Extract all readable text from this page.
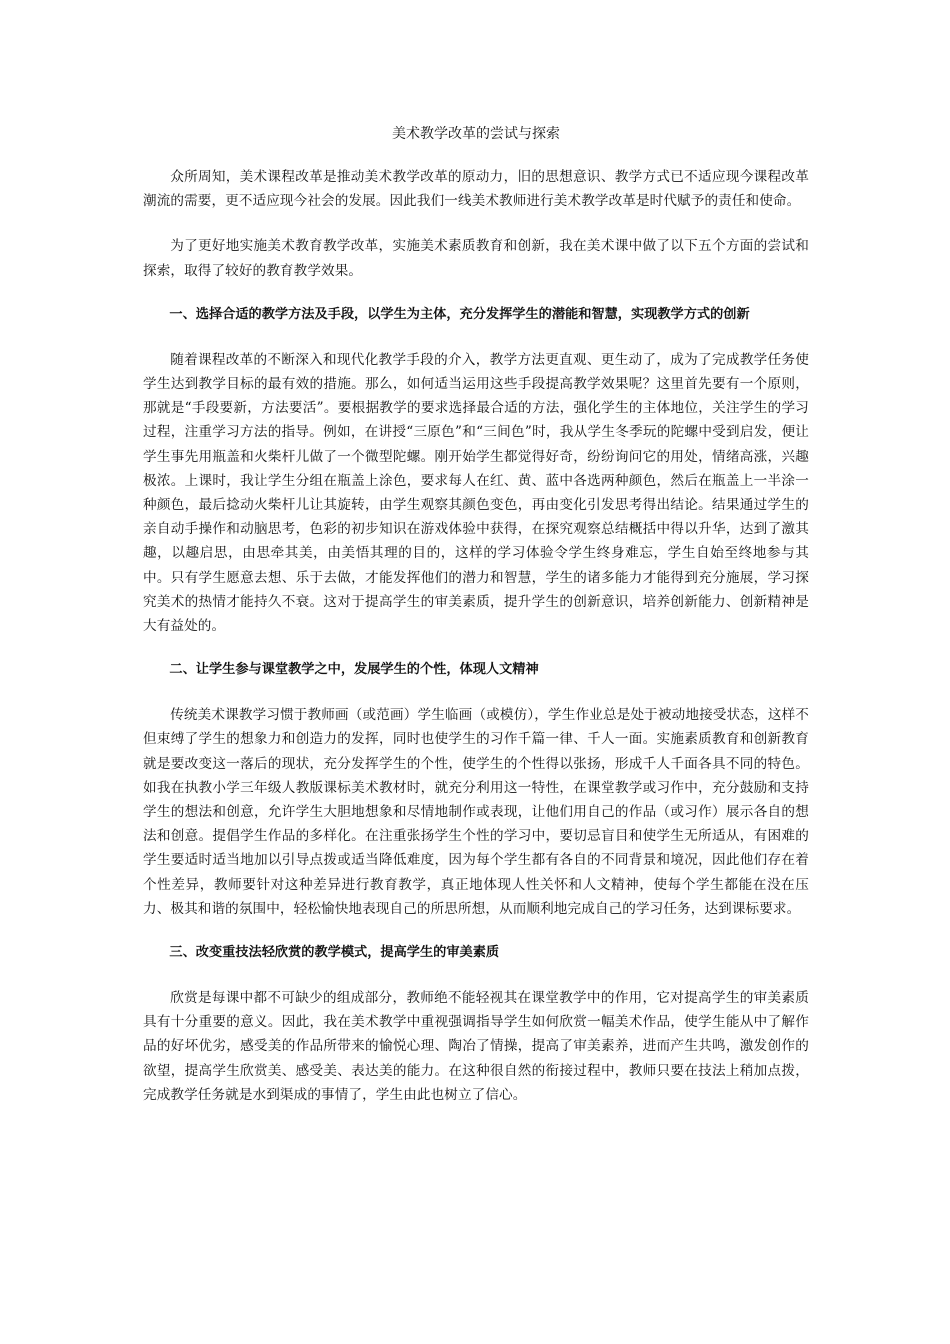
美术教学改革的尝试与探索

众所周知，美术课程改革是推动美术教学改革的原动力，旧的思想意识、教学方式已不适应现今课程改革潮流的需要，更不适应现今社会的发展。因此我们一线美术教师进行美术教学改革是时代赋予的责任和使命。

为了更好地实施美术教育教学改革，实施美术素质教育和创新，我在美术课中做了以下五个方面的尝试和探索，取得了较好的教育教学效果。

一、选择合适的教学方法及手段，以学生为主体，充分发挥学生的潜能和智慧，实现教学方式的创新

随着课程改革的不断深入和现代化教学手段的介入，教学方法更直观、更生动了，成为了完成教学任务使学生达到教学目标的最有效的措施。那么，如何适当运用这些手段提高教学效果呢？这里首先要有一个原则，那就是“手段要新，方法要活”。要根据教学的要求选择最合适的方法，强化学生的主体地位，关注学生的学习过程，注重学习方法的指导。例如，在讲授“三原色”和“三间色”时，我从学生冬季玩的陀螺中受到启发，便让学生事先用瓶盖和火柴杆儿做了一个微型陀螺。刚开始学生都觉得好奇，纷纷询问它的用处，情绪高涨，兴趣极浓。上课时，我让学生分组在瓶盖上涂色，要求每人在红、黄、蓝中各选两种颜色，然后在瓶盖上一半涂一种颜色，最后捻动火柴杆儿让其旋转，由学生观察其颜色变色，再由变化引发思考得出结论。结果通过学生的亲自动手操作和动脑思考，色彩的初步知识在游戏体验中获得，在探究观察总结概括中得以升华，达到了激其趣，以趣启思，由思牵其美，由美悟其理的目的，这样的学习体验令学生终身难忘，学生自始至终地参与其中。只有学生愿意去想、乐于去做，才能发挥他们的潜力和智慧，学生的诸多能力才能得到充分施展，学习探究美术的热情才能持久不衰。这对于提高学生的审美素质，提升学生的创新意识，培养创新能力、创新精神是大有益处的。

二、让学生参与课堂教学之中，发展学生的个性，体现人文精神

传统美术课教学习惯于教师画（或范画）学生临画（或模仿），学生作业总是处于被动地接受状态，这样不但束缚了学生的想象力和创造力的发挥，同时也使学生的习作千篇一律、千人一面。实施素质教育和创新教育就是要改变这一落后的现状，充分发挥学生的个性，使学生的个性得以张扬，形成千人千面各具不同的特色。如我在执教小学三年级人教版课标美术教材时，就充分利用这一特性，在课堂教学或习作中，充分鼓励和支持学生的想法和创意，允许学生大胆地想象和尽情地制作或表现，让他们用自己的作品（或习作）展示各自的想法和创意。提倡学生作品的多样化。在注重张扬学生个性的学习中，要切忌盲目和使学生无所适从，有困难的学生要适时适当地加以引导点拨或适当降低难度，因为每个学生都有各自的不同背景和境况，因此他们存在着个性差异，教师要针对这种差异进行教育教学，真正地体现人性关怀和人文精神，使每个学生都能在没在压力、极其和谐的氛围中，轻松愉快地表现自己的所思所想，从而顺利地完成自己的学习任务，达到课标要求。

三、改变重技法轻欣赏的教学模式，提高学生的审美素质

欣赏是每课中都不可缺少的组成部分，教师绝不能轻视其在课堂教学中的作用，它对提高学生的审美素质具有十分重要的意义。因此，我在美术教学中重视强调指导学生如何欣赏一幅美术作品，使学生能从中了解作品的好坏优劣，感受美的作品所带来的愉悦心理、陶冶了情操，提高了审美素养，进而产生共鸣，激发创作的欲望，提高学生欣赏美、感受美、表达美的能力。在这种很自然的衔接过程中，教师只要在技法上稍加点拨，完成教学任务就是水到渠成的事情了，学生由此也树立了信心。
